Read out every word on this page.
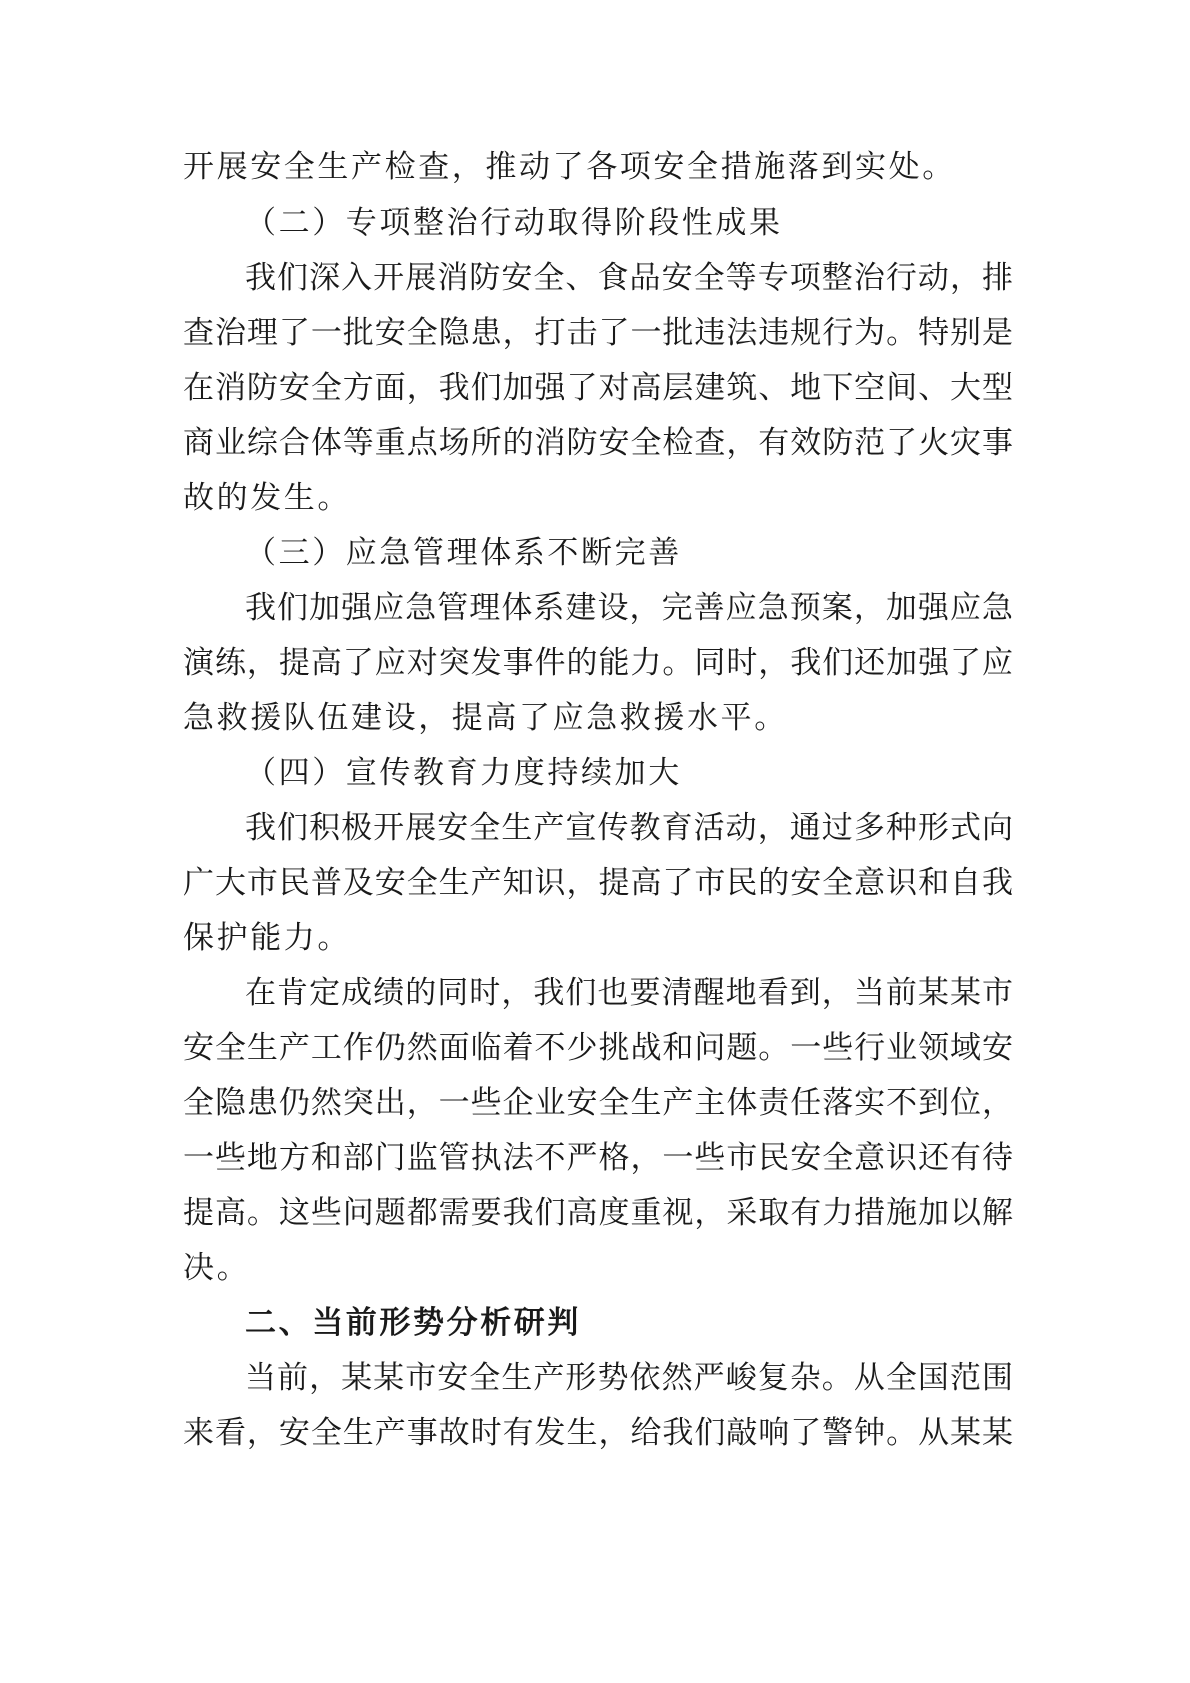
开展安全生产检查，推动了各项安全措施落到实处。
（二）专项整治行动取得阶段性成果
我们深入开展消防安全、食品安全等专项整治行动，排
查治理了一批安全隐患，打击了一批违法违规行为。特别是
在消防安全方面，我们加强了对高层建筑、地下空间、大型
商业综合体等重点场所的消防安全检查，有效防范了火灾事
故的发生。
（三）应急管理体系不断完善
我们加强应急管理体系建设，完善应急预案，加强应急
演练，提高了应对突发事件的能力。同时，我们还加强了应
急救援队伍建设，提高了应急救援水平。
（四）宣传教育力度持续加大
我们积极开展安全生产宣传教育活动，通过多种形式向
广大市民普及安全生产知识，提高了市民的安全意识和自我
保护能力。
在肯定成绩的同时，我们也要清醒地看到，当前某某市
安全生产工作仍然面临着不少挑战和问题。一些行业领域安
全隐患仍然突出，一些企业安全生产主体责任落实不到位，
一些地方和部门监管执法不严格，一些市民安全意识还有待
提高。这些问题都需要我们高度重视，采取有力措施加以解
决。
二、当前形势分析研判
当前，某某市安全生产形势依然严峻复杂。从全国范围
来看，安全生产事故时有发生，给我们敲响了警钟。从某某
